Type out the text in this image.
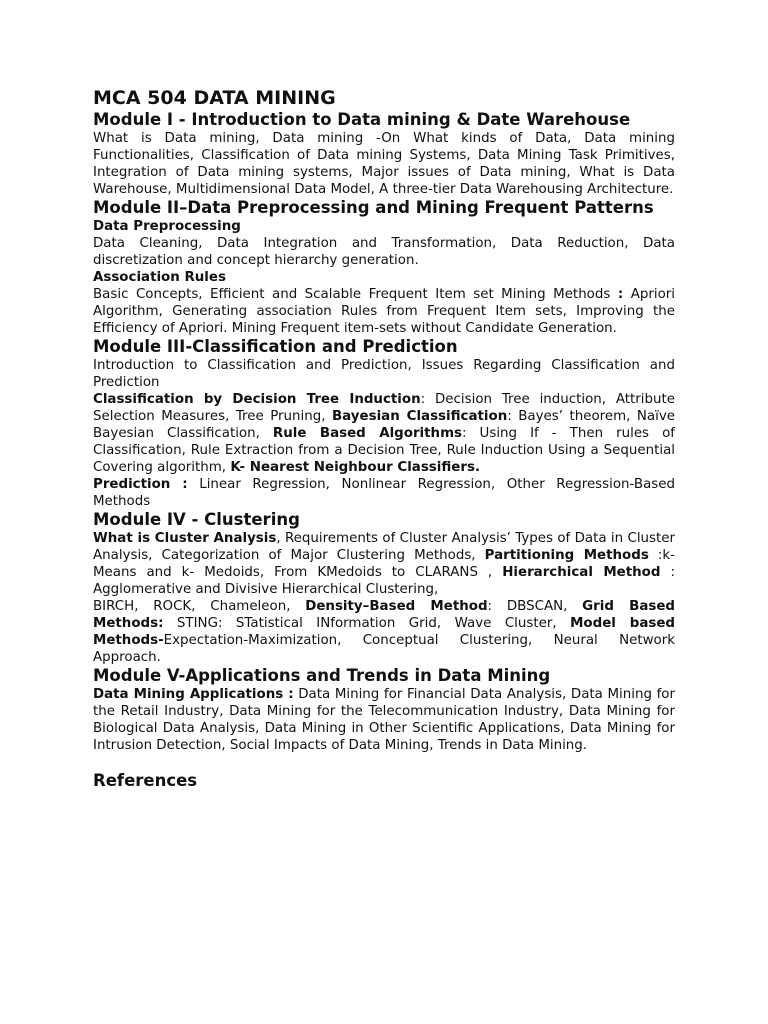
MCA 504 DATA MINING
Module I - Introduction to Data mining & Date Warehouse

What is Data mining, Data mining -On What kinds of Data, Data mining Functionalities, Classification of Data mining Systems, Data Mining Task Primitives, Integration of Data mining systems, Major issues of Data mining, What is Data Warehouse, Multidimensional Data Model, A three-tier Data Warehousing Architecture.

Module II–Data Preprocessing and Mining Frequent Patterns

Data Preprocessing

Data Cleaning, Data Integration and Transformation, Data Reduction, Data discretization and concept hierarchy generation.

Association Rules

Basic Concepts, Efficient and Scalable Frequent Item set Mining Methods : Apriori Algorithm, Generating association Rules from Frequent Item sets, Improving the Efficiency of Apriori. Mining Frequent item-sets without Candidate Generation.

Module III-Classification and Prediction

Introduction to Classification and Prediction, Issues Regarding Classification and Prediction

Classification by Decision Tree Induction: Decision Tree induction, Attribute Selection Measures, Tree Pruning, Bayesian Classification: Bayes’ theorem, Naïve Bayesian Classification, Rule Based Algorithms: Using If - Then rules of Classification, Rule Extraction from a Decision Tree, Rule Induction Using a Sequential Covering algorithm, K- Nearest Neighbour Classifiers.

Prediction : Linear Regression, Nonlinear Regression, Other Regression-Based Methods

Module IV - Clustering

What is Cluster Analysis, Requirements of Cluster Analysis’ Types of Data in Cluster Analysis, Categorization of Major Clustering Methods, Partitioning Methods :k-Means and k- Medoids, From KMedoids to CLARANS , Hierarchical Method : Agglomerative and Divisive Hierarchical Clustering,

BIRCH, ROCK, Chameleon, Density–Based Method: DBSCAN, Grid Based Methods: STING: STatistical INformation Grid, Wave Cluster, Model based Methods-Expectation-Maximization, Conceptual Clustering, Neural Network Approach.

Module V-Applications and Trends in Data Mining

Data Mining Applications : Data Mining for Financial Data Analysis, Data Mining for the Retail Industry, Data Mining for the Telecommunication Industry, Data Mining for Biological Data Analysis, Data Mining in Other Scientific Applications, Data Mining for Intrusion Detection, Social Impacts of Data Mining, Trends in Data Mining.

References
